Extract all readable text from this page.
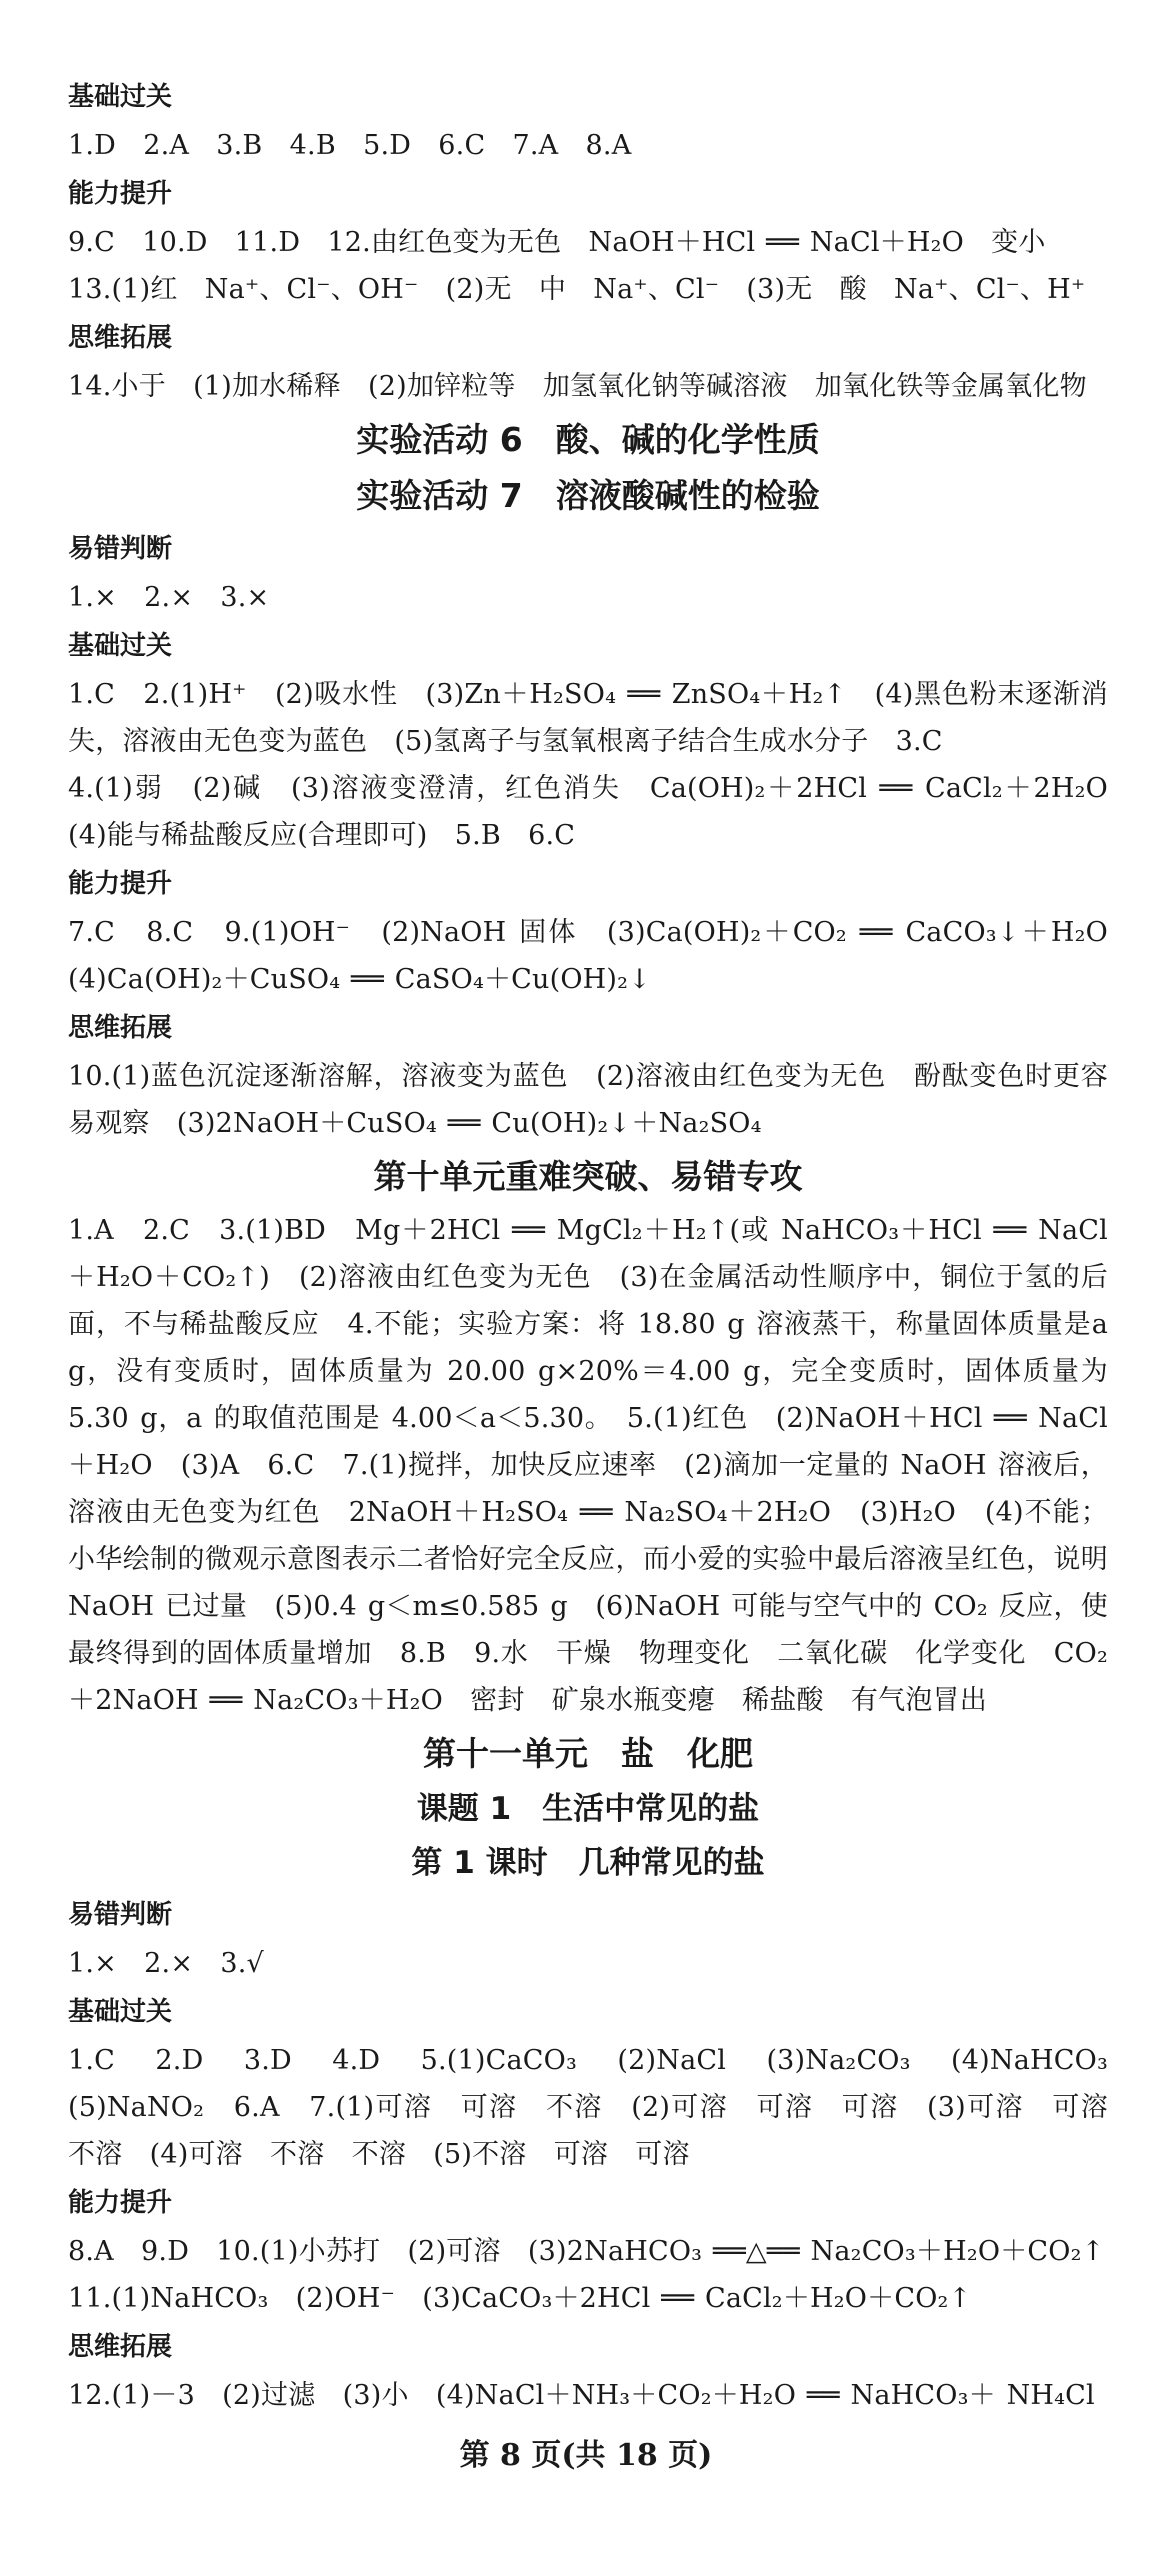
基础过关
1.D　2.A　3.B　4.B　5.D　6.C　7.A　8.A
能力提升
9.C　10.D　11.D　12.由红色变为无色　NaOH＋HCl ══ NaCl＋H₂O　变小
13.(1)红　Na⁺、Cl⁻、OH⁻　(2)无　中　Na⁺、Cl⁻　(3)无　酸　Na⁺、Cl⁻、H⁺
思维拓展
14.小于　(1)加水稀释　(2)加锌粒等　加氢氧化钠等碱溶液　加氧化铁等金属氧化物
实验活动 6　酸、碱的化学性质
实验活动 7　溶液酸碱性的检验
易错判断
1.×　2.×　3.×
基础过关
1.C　2.(1)H⁺　(2)吸水性　(3)Zn＋H₂SO₄ ══ ZnSO₄＋H₂↑　(4)黑色粉末逐渐消失，溶液由无色变为蓝色　(5)氢离子与氢氧根离子结合生成水分子　3.C
4.(1)弱　(2)碱　(3)溶液变澄清，红色消失　Ca(OH)₂＋2HCl ══ CaCl₂＋2H₂O　(4)能与稀盐酸反应(合理即可)　5.B　6.C
能力提升
7.C　8.C　9.(1)OH⁻　(2)NaOH 固体　(3)Ca(OH)₂＋CO₂ ══ CaCO₃↓＋H₂O　(4)Ca(OH)₂＋CuSO₄ ══ CaSO₄＋Cu(OH)₂↓
思维拓展
10.(1)蓝色沉淀逐渐溶解，溶液变为蓝色　(2)溶液由红色变为无色　酚酞变色时更容易观察　(3)2NaOH＋CuSO₄ ══ Cu(OH)₂↓＋Na₂SO₄
第十单元重难突破、易错专攻
1.A　2.C　3.(1)BD　Mg＋2HCl ══ MgCl₂＋H₂↑(或 NaHCO₃＋HCl ══ NaCl＋H₂O＋CO₂↑)　(2)溶液由红色变为无色　(3)在金属活动性顺序中，铜位于氢的后面，不与稀盐酸反应　4.不能；实验方案：将 18.80 g 溶液蒸干，称量固体质量是a g，没有变质时，固体质量为 20.00 g×20%＝4.00 g，完全变质时，固体质量为 5.30 g，a 的取值范围是 4.00＜a＜5.30。　5.(1)红色　(2)NaOH＋HCl ══ NaCl＋H₂O　(3)A　6.C　7.(1)搅拌，加快反应速率　(2)滴加一定量的 NaOH 溶液后，溶液由无色变为红色　2NaOH＋H₂SO₄ ══ Na₂SO₄＋2H₂O　(3)H₂O　(4)不能；小华绘制的微观示意图表示二者恰好完全反应，而小爱的实验中最后溶液呈红色，说明 NaOH 已过量　(5)0.4 g＜m≤0.585 g　(6)NaOH 可能与空气中的 CO₂ 反应，使最终得到的固体质量增加　8.B　9.水　干燥　物理变化　二氧化碳　化学变化　CO₂＋2NaOH ══ Na₂CO₃＋H₂O　密封　矿泉水瓶变瘪　稀盐酸　有气泡冒出
第十一单元　盐　化肥
课题 1　生活中常见的盐
第 1 课时　几种常见的盐
易错判断
1.×　2.×　3.√
基础过关
1.C　2.D　3.D　4.D　5.(1)CaCO₃　(2)NaCl　(3)Na₂CO₃　(4)NaHCO₃　(5)NaNO₂　6.A　7.(1)可溶　可溶　不溶　(2)可溶　可溶　可溶　(3)可溶　可溶　不溶　(4)可溶　不溶　不溶　(5)不溶　可溶　可溶
能力提升
8.A　9.D　10.(1)小苏打　(2)可溶　(3)2NaHCO₃ ══△══ Na₂CO₃＋H₂O＋CO₂↑
11.(1)NaHCO₃　(2)OH⁻　(3)CaCO₃＋2HCl ══ CaCl₂＋H₂O＋CO₂↑
思维拓展
12.(1)－3　(2)过滤　(3)小　(4)NaCl＋NH₃＋CO₂＋H₂O ══ NaHCO₃＋ NH₄Cl
第 8 页(共 18 页)
